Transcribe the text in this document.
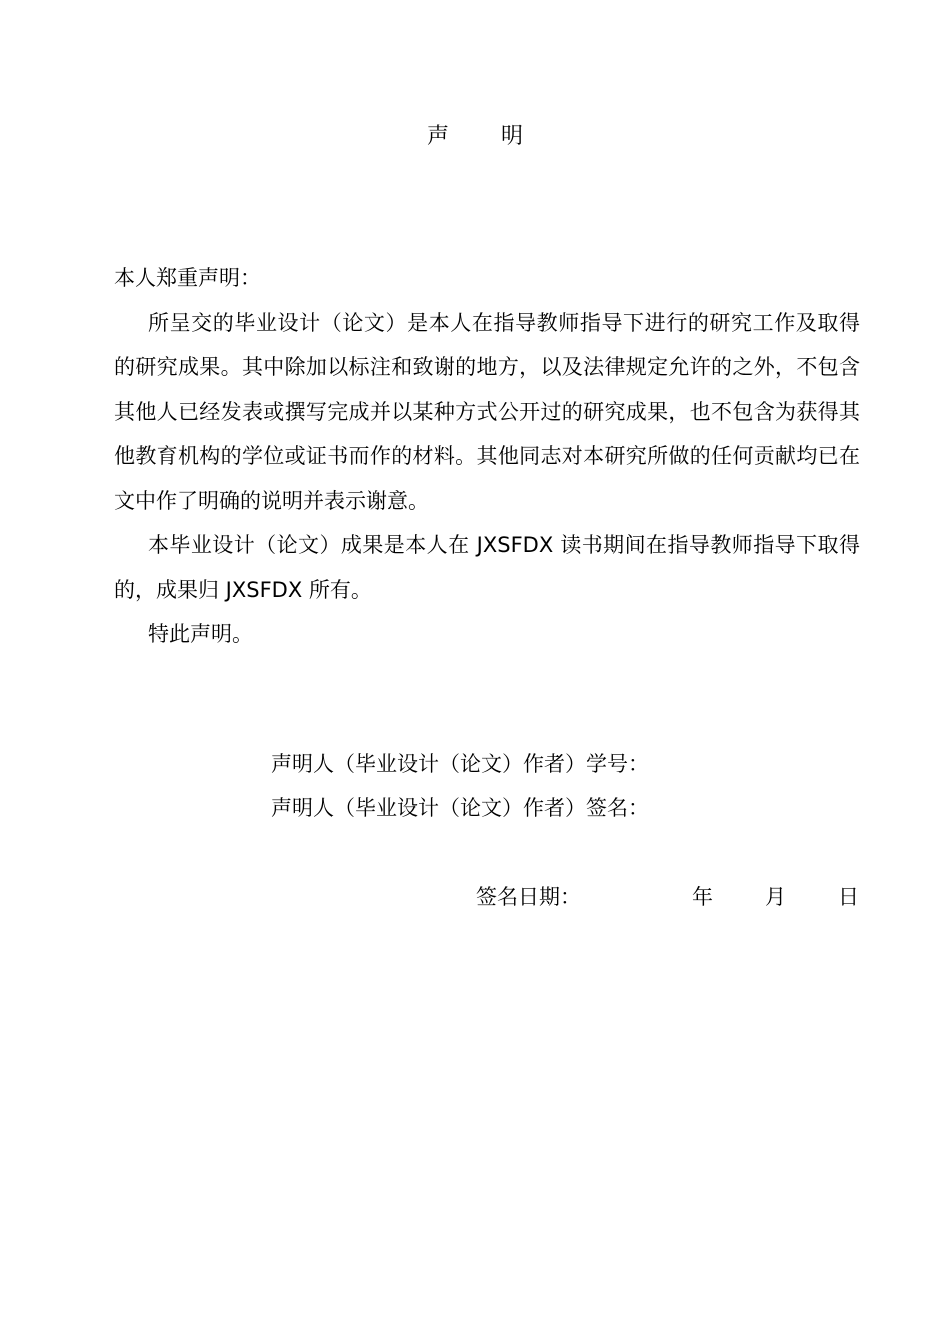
声 明

本人郑重声明：

所呈交的毕业设计（论文）是本人在指导教师指导下进行的研究工作及取得的研究成果。其中除加以标注和致谢的地方，以及法律规定允许的之外，不包含其他人已经发表或撰写完成并以某种方式公开过的研究成果，也不包含为获得其他教育机构的学位或证书而作的材料。其他同志对本研究所做的任何贡献均已在文中作了明确的说明并表示谢意。

本毕业设计（论文）成果是本人在 JXSFDX 读书期间在指导教师指导下取得的，成果归 JXSFDX 所有。

特此声明。

声明人（毕业设计（论文）作者）学号：
声明人（毕业设计（论文）作者）签名：
签名日期：	年 月 日
